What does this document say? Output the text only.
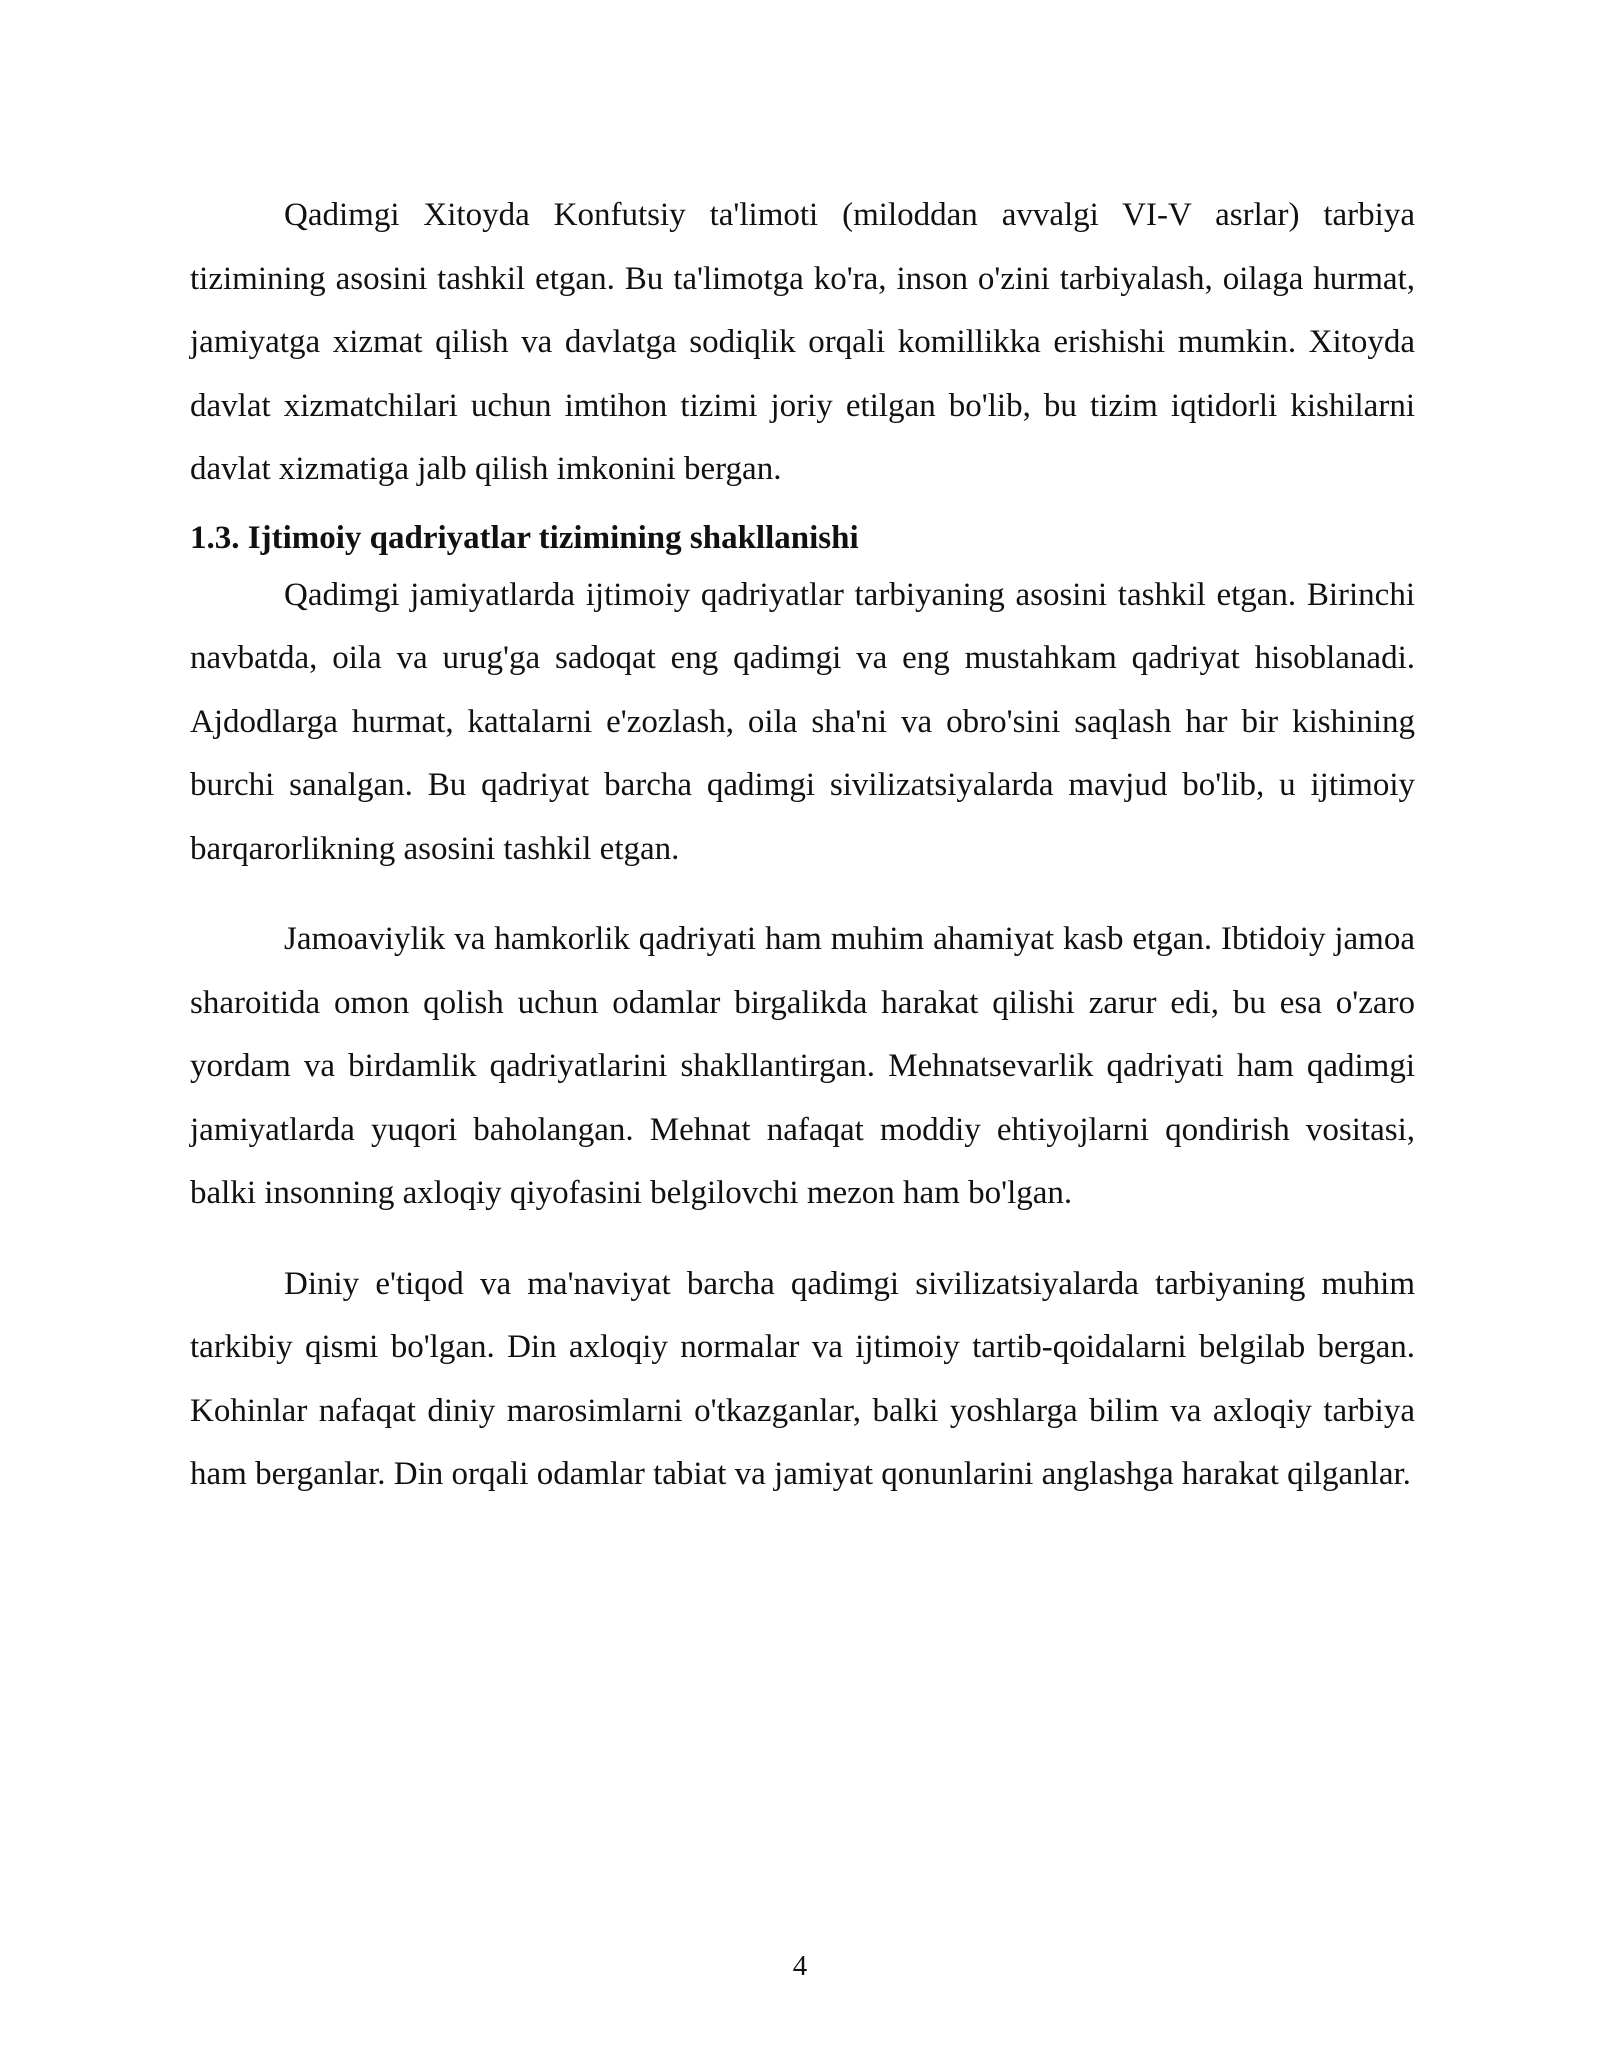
Qadimgi Xitoyda Konfutsiy ta'limoti (miloddan avvalgi VI-V asrlar) tarbiya tizimining asosini tashkil etgan. Bu ta'limotga ko'ra, inson o'zini tarbiyalash, oilaga hurmat, jamiyatga xizmat qilish va davlatga sodiqlik orqali komillikka erishishi mumkin. Xitoyda davlat xizmatchilari uchun imtihon tizimi joriy etilgan bo'lib, bu tizim iqtidorli kishilarni davlat xizmatiga jalb qilish imkonini bergan.

1.3. Ijtimoiy qadriyatlar tizimining shakllanishi

Qadimgi jamiyatlarda ijtimoiy qadriyatlar tarbiyaning asosini tashkil etgan. Birinchi navbatda, oila va urug'ga sadoqat eng qadimgi va eng mustahkam qadriyat hisoblanadi. Ajdodlarga hurmat, kattalarni e'zozlash, oila sha'ni va obro'sini saqlash har bir kishining burchi sanalgan. Bu qadriyat barcha qadimgi sivilizatsiyalarda mavjud bo'lib, u ijtimoiy barqarorlikning asosini tashkil etgan.

Jamoaviylik va hamkorlik qadriyati ham muhim ahamiyat kasb etgan. Ibtidoiy jamoa sharoitida omon qolish uchun odamlar birgalikda harakat qilishi zarur edi, bu esa o'zaro yordam va birdamlik qadriyatlarini shakllantirgan. Mehnatsevarlik qadriyati ham qadimgi jamiyatlarda yuqori baholangan. Mehnat nafaqat moddiy ehtiyojlarni qondirish vositasi, balki insonning axloqiy qiyofasini belgilovchi mezon ham bo'lgan.

Diniy e'tiqod va ma'naviyat barcha qadimgi sivilizatsiyalarda tarbiyaning muhim tarkibiy qismi bo'lgan. Din axloqiy normalar va ijtimoiy tartib-qoidalarni belgilab bergan. Kohinlar nafaqat diniy marosimlarni o'tkazganlar, balki yoshlarga bilim va axloqiy tarbiya ham berganlar. Din orqali odamlar tabiat va jamiyat qonunlarini anglashga harakat qilganlar.

4
